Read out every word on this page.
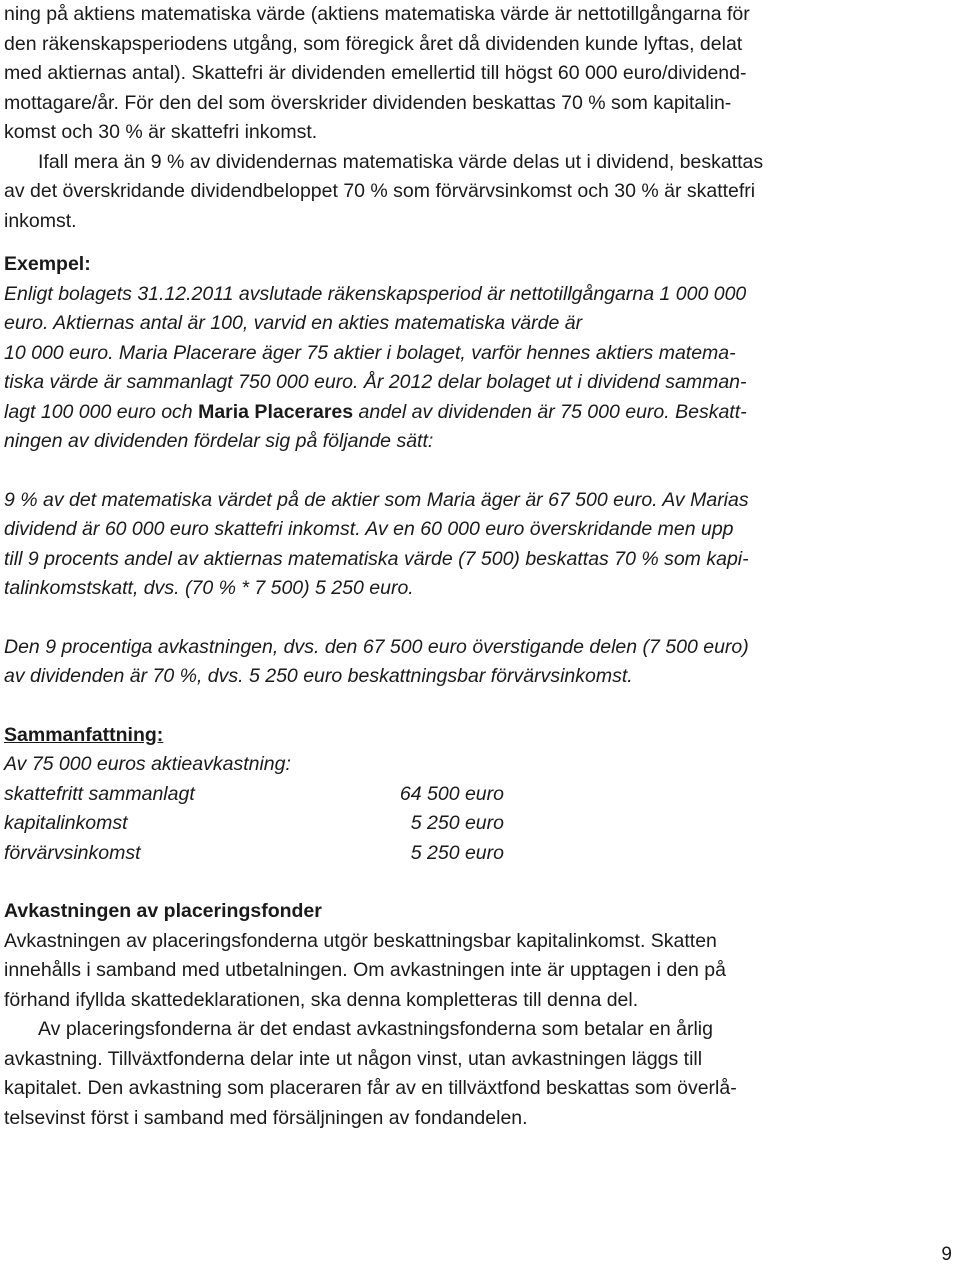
ning på aktiens matematiska värde (aktiens matematiska värde är nettotillgångarna för
den räkenskapsperiodens utgång, som föregick året då dividenden kunde lyftas, delat
med aktiernas antal). Skattefri är dividenden emellertid till högst 60 000 euro/dividend-
mottagare/år. För den del som överskrider dividenden beskattas 70 % som kapitalin-
komst och 30 % är skattefri inkomst.
Ifall mera än 9 % av dividendernas matematiska värde delas ut i dividend, beskattas
av det överskridande dividendbeloppet 70 % som förvärvsinkomst och 30 % är skattefri
inkomst.
Exempel:
Enligt bolagets 31.12.2011 avslutade räkenskapsperiod är nettotillgångarna 1 000 000
euro. Aktiernas antal är 100, varvid en akties matematiska värde är
10 000 euro. Maria Placerare äger 75 aktier i bolaget, varför hennes aktiers matema-
tiska värde är sammanlagt 750 000 euro. År 2012 delar bolaget ut i dividend samman-
lagt 100 000 euro och Maria Placerares andel av dividenden är 75 000 euro. Beskatt-
ningen av dividenden fördelar sig på följande sätt:
9 % av det matematiska värdet på de aktier som Maria äger är 67 500 euro. Av Marias
dividend är 60 000 euro skattefri inkomst. Av en 60 000 euro överskridande men upp
till 9 procents andel av aktiernas matematiska värde (7 500) beskattas 70 % som kapi-
talinkomstskatt, dvs. (70 % * 7 500) 5 250 euro.
Den 9 procentiga avkastningen, dvs. den 67 500 euro överstigande delen (7 500 euro)
av dividenden är 70 %, dvs. 5 250 euro beskattningsbar förvärvsinkomst.
Sammanfattning:
Av 75 000 euros aktieavkastning:
skattefritt sammanlagt	64 500 euro
kapitalinkomst	5 250 euro
förvärvsinkomst	5 250 euro
Avkastningen av placeringsfonder
Avkastningen av placeringsfonderna utgör beskattningsbar kapitalinkomst. Skatten
innehålls i samband med utbetalningen. Om avkastningen inte är upptagen i den på
förhand ifyllda skattedeklarationen, ska denna kompletteras till denna del.
Av placeringsfonderna är det endast avkastningsfonderna som betalar en årlig
avkastning. Tillväxtfonderna delar inte ut någon vinst, utan avkastningen läggs till
kapitalet. Den avkastning som placeraren får av en tillväxtfond beskattas som överlå-
telsevinst först i samband med försäljningen av fondandelen.
9
